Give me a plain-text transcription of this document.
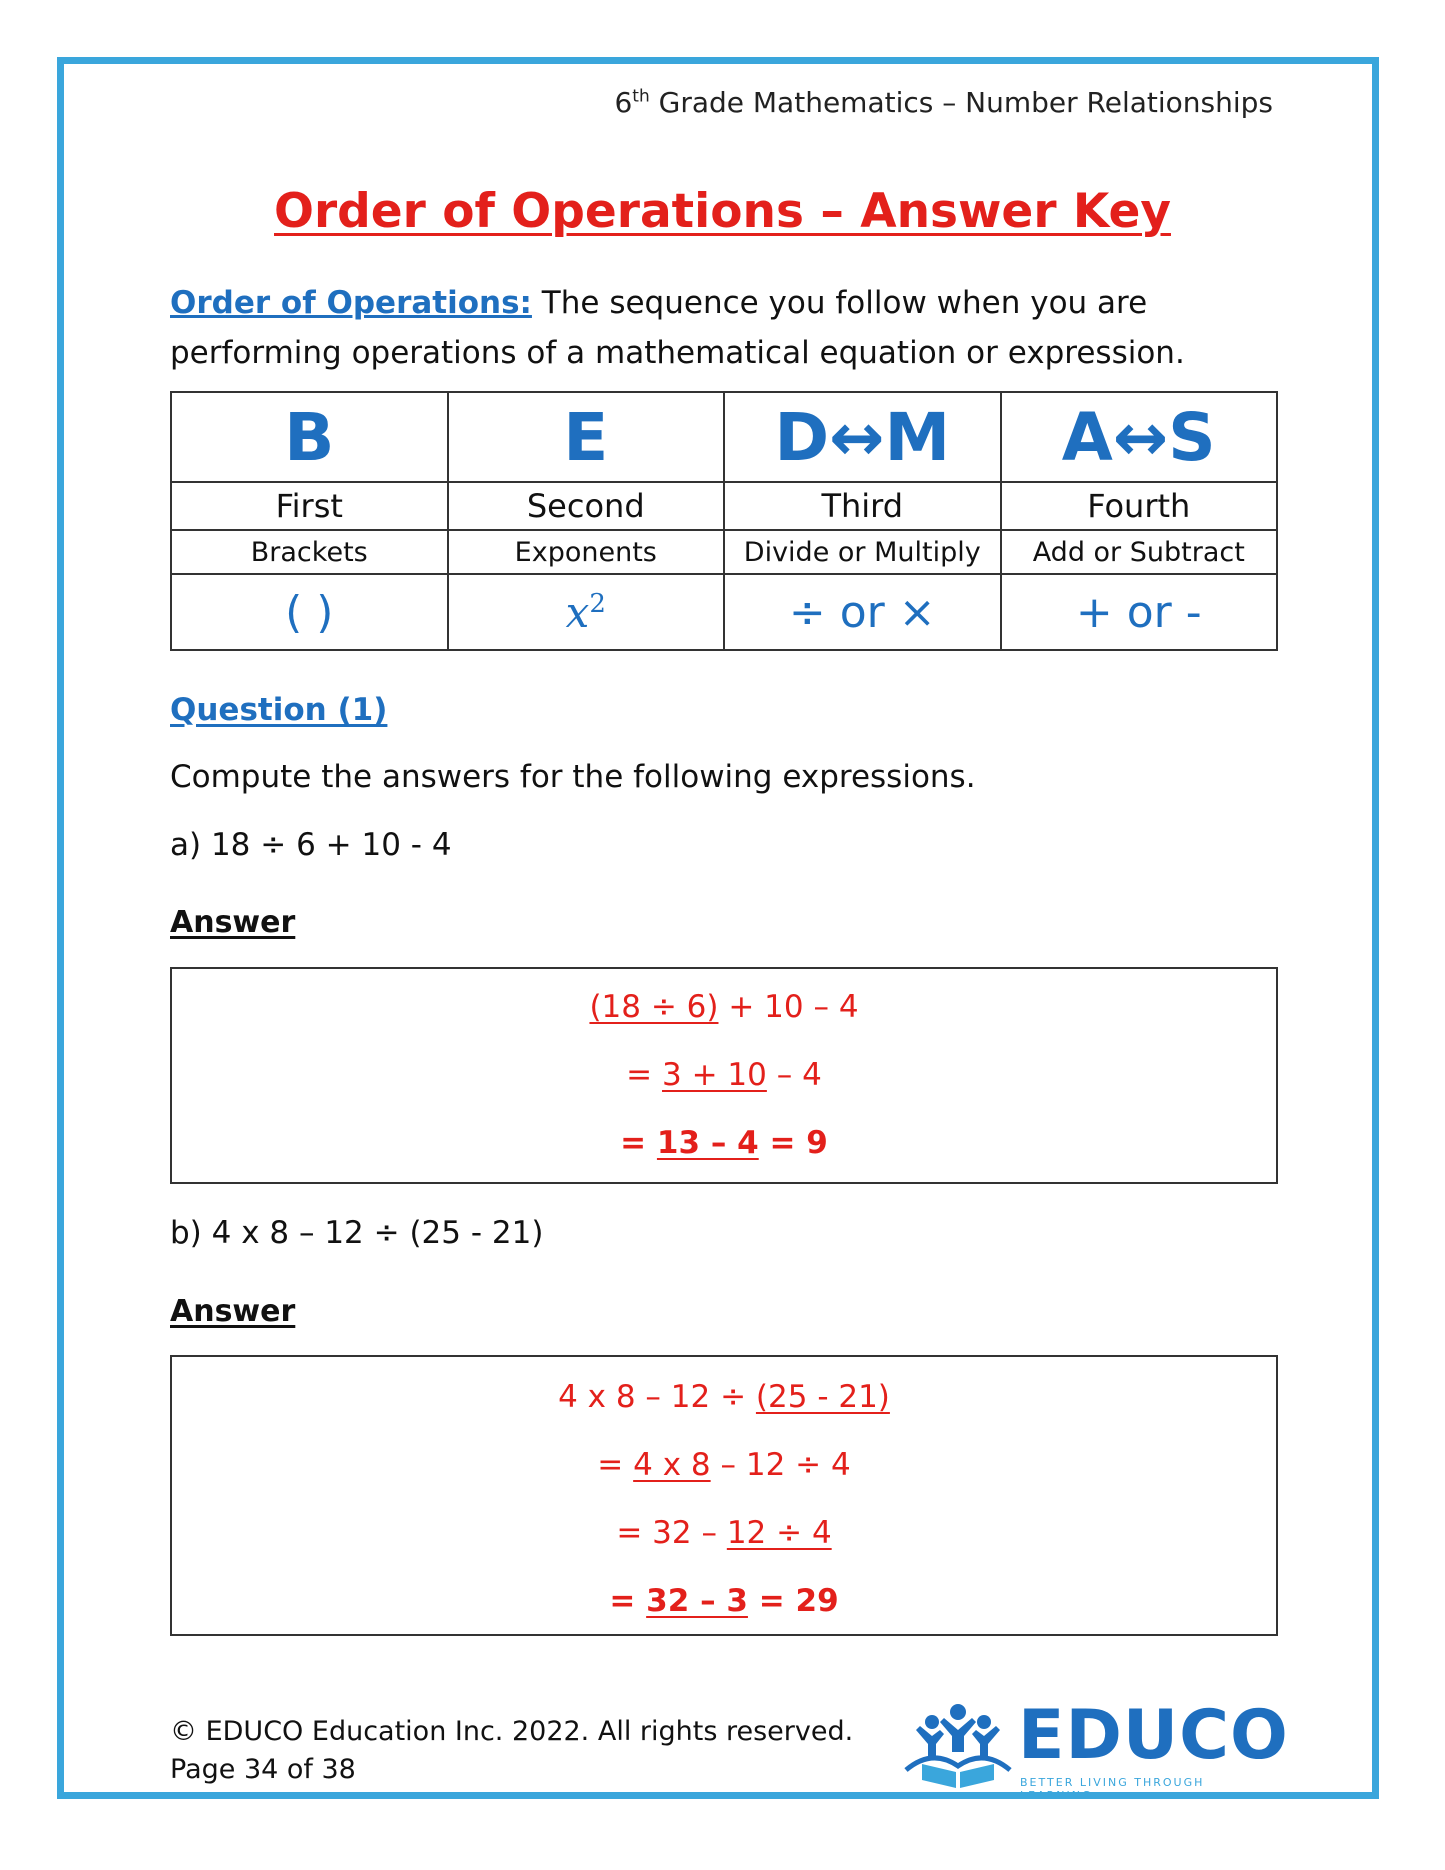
6th Grade Mathematics – Number Relationships
Order of Operations – Answer Key
Order of Operations: The sequence you follow when you are performing operations of a mathematical equation or expression.
B	E	D↔M	A↔S
First	Second	Third	Fourth
Brackets	Exponents	Divide or Multiply	Add or Subtract
( )	$x^2$	÷ or ×	+ or -
Question (1)
Compute the answers for the following expressions.
a) 18 ÷ 6 + 10 - 4
Answer
(18 ÷ 6) + 10 – 4
= 3 + 10 – 4
= 13 – 4 = 9
b) 4 x 8 – 12 ÷ (25 - 21)
Answer
4 x 8 – 12 ÷ (25 - 21)
= 4 x 8 – 12 ÷ 4
= 32 – 12 ÷ 4
= 32 – 3 = 29
© EDUCO Education Inc. 2022. All rights reserved.
Page 34 of 38	EDUCO
BETTER LIVING THROUGH LEARNING
